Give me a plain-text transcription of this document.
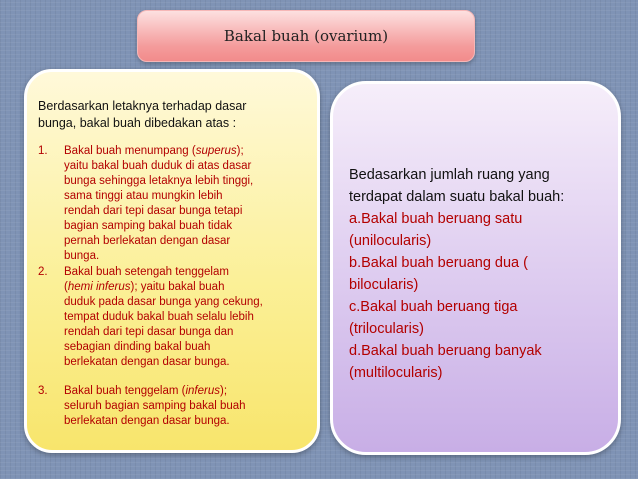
Bakal buah (ovarium)
Berdasarkan letaknya terhadap dasar
bunga, bakal buah dibedakan atas :
1. Bakal buah menumpang (superus);
yaitu bakal buah duduk di atas dasar
bunga sehingga letaknya lebih tinggi,
sama tinggi atau mungkin lebih
rendah dari tepi dasar bunga tetapi
bagian samping bakal buah tidak
pernah berlekatan dengan dasar
bunga.
2. Bakal buah setengah tenggelam
(hemi inferus); yaitu bakal buah
duduk pada dasar bunga yang cekung,
tempat duduk bakal buah selalu lebih
rendah dari tepi dasar bunga dan
sebagian dinding bakal buah
berlekatan dengan dasar bunga.
3. Bakal buah tenggelam (inferus);
seluruh bagian samping bakal buah
berlekatan dengan dasar bunga.
Bedasarkan jumlah ruang yang
terdapat dalam suatu bakal buah:
a.Bakal buah beruang satu
(unilocularis)
b.Bakal buah beruang dua (
bilocularis)
c.Bakal buah beruang tiga
(trilocularis)
d.Bakal buah beruang banyak
(multilocularis)
